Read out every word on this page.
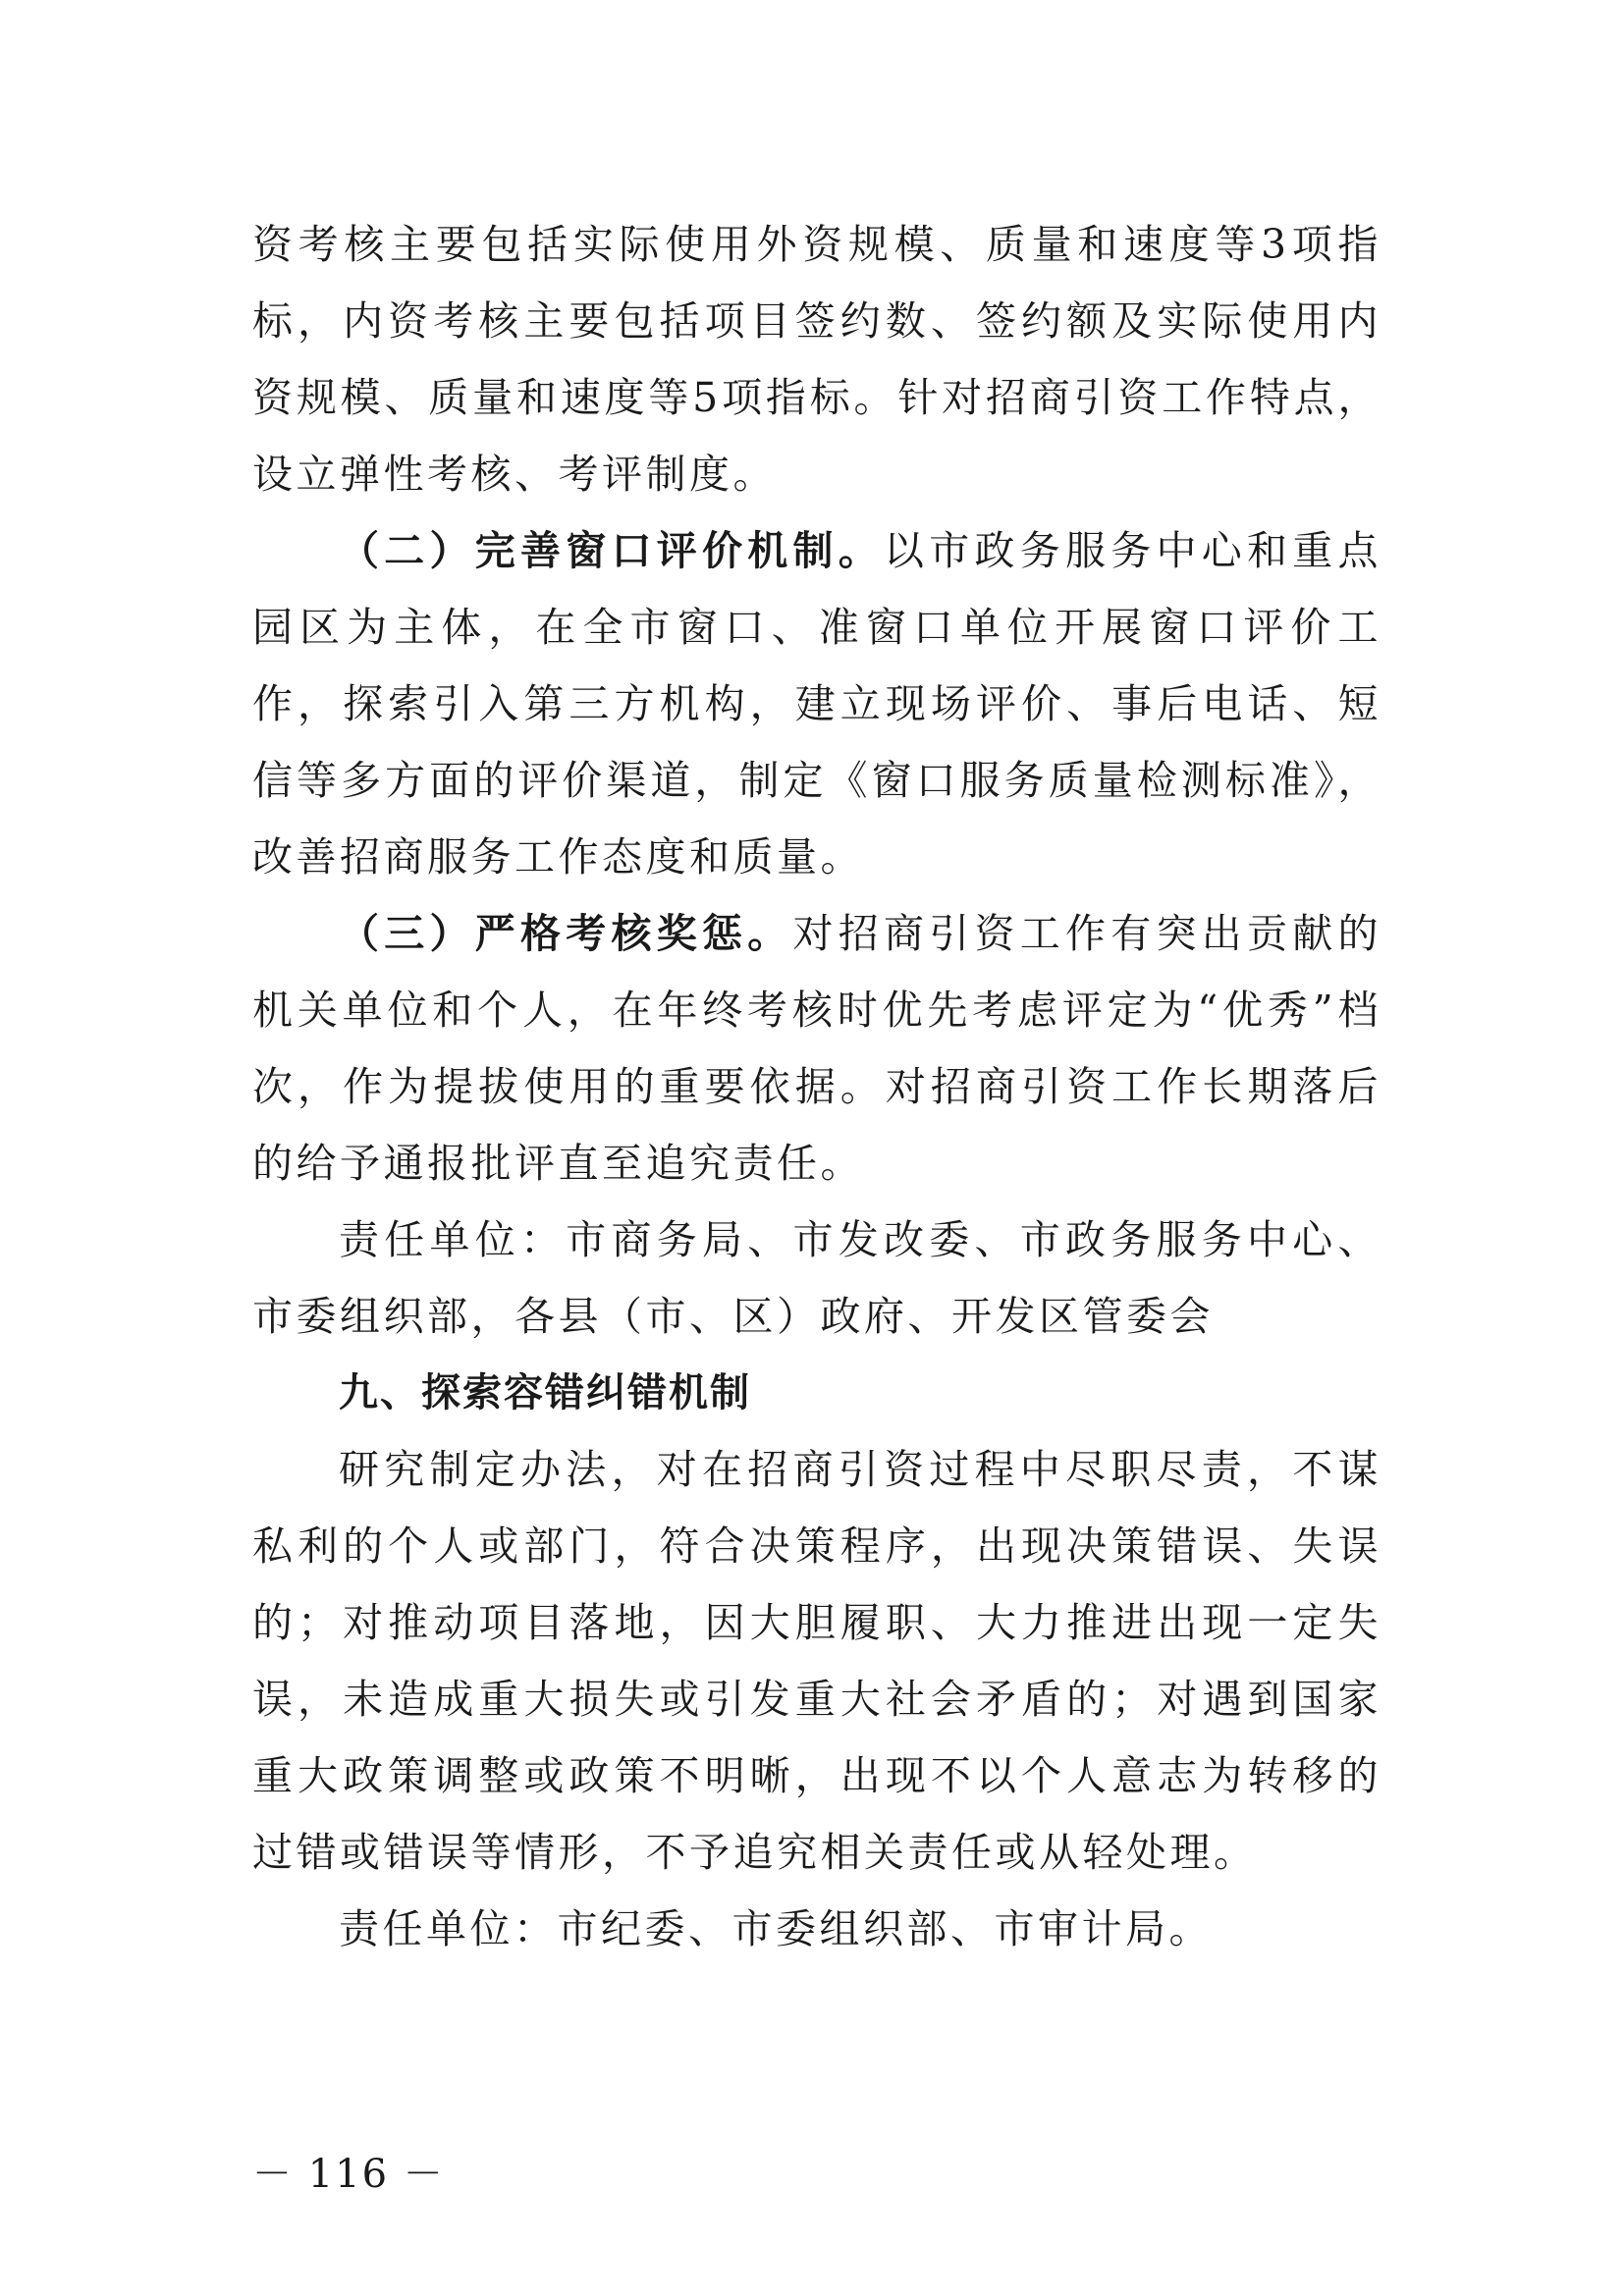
资考核主要包括实际使用外资规模、质量和速度等3项指标，内资考核主要包括项目签约数、签约额及实际使用内资规模、质量和速度等5项指标。针对招商引资工作特点，设立弹性考核、考评制度。

（二）完善窗口评价机制。以市政务服务中心和重点园区为主体，在全市窗口、准窗口单位开展窗口评价工作，探索引入第三方机构，建立现场评价、事后电话、短信等多方面的评价渠道，制定《窗口服务质量检测标准》，改善招商服务工作态度和质量。

（三）严格考核奖惩。对招商引资工作有突出贡献的机关单位和个人，在年终考核时优先考虑评定为“优秀”档次，作为提拔使用的重要依据。对招商引资工作长期落后的给予通报批评直至追究责任。

责任单位：市商务局、市发改委、市政务服务中心、市委组织部，各县（市、区）政府、开发区管委会

九、探索容错纠错机制

研究制定办法，对在招商引资过程中尽职尽责，不谋私利的个人或部门，符合决策程序，出现决策错误、失误的；对推动项目落地，因大胆履职、大力推进出现一定失误，未造成重大损失或引发重大社会矛盾的；对遇到国家重大政策调整或政策不明晰，出现不以个人意志为转移的过错或错误等情形，不予追究相关责任或从轻处理。

责任单位：市纪委、市委组织部、市审计局。

－ 116 －
